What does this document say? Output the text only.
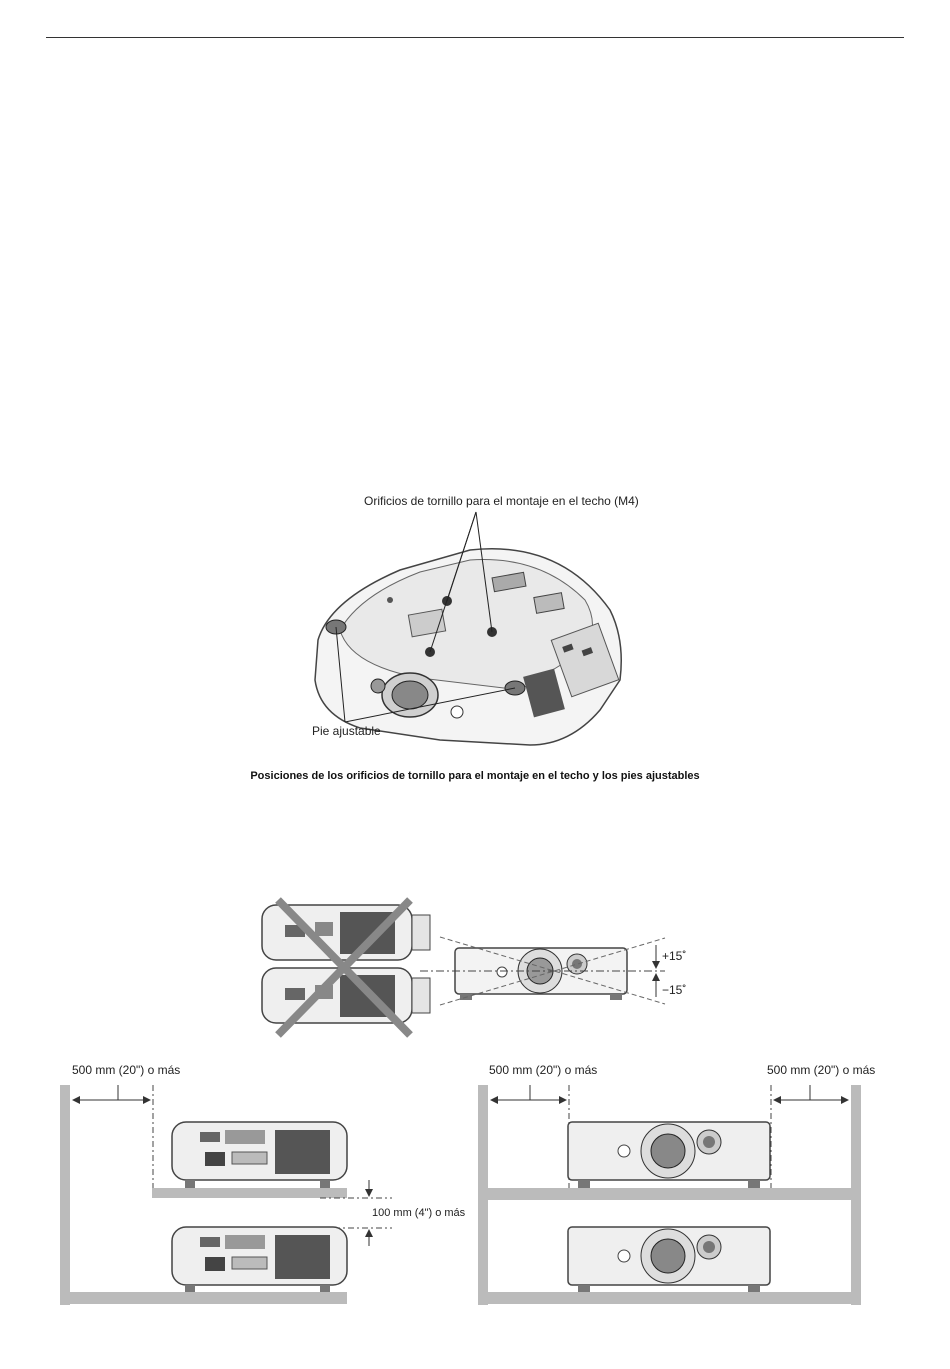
Orificios de tornillo para el montaje en el techo (M4)
Pie ajustable
Posiciones de los orificios de tornillo para el montaje en el techo y los pies ajustables
+15˚
−15˚
500 mm (20") o más
100 mm (4") o más
500 mm (20") o más	500 mm (20") o más
